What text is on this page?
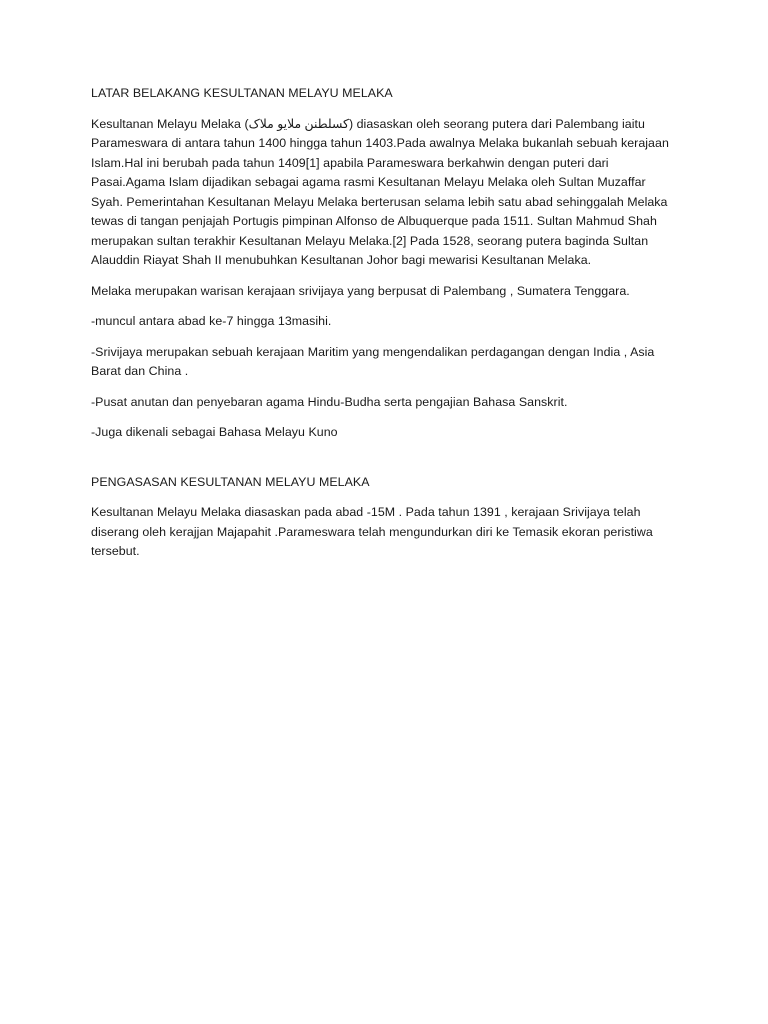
LATAR BELAKANG KESULTANAN MELAYU MELAKA
Kesultanan Melayu Melaka (کسلطنن ملايو ملاک) diasaskan oleh seorang putera dari Palembang iaitu Parameswara di antara tahun 1400 hingga tahun 1403.Pada awalnya Melaka bukanlah sebuah kerajaan Islam.Hal ini berubah pada tahun 1409[1] apabila Parameswara berkahwin dengan puteri dari Pasai.Agama Islam dijadikan sebagai agama rasmi Kesultanan Melayu Melaka oleh Sultan Muzaffar Syah. Pemerintahan Kesultanan Melayu Melaka berterusan selama lebih satu abad sehinggalah Melaka tewas di tangan penjajah Portugis pimpinan Alfonso de Albuquerque pada 1511. Sultan Mahmud Shah merupakan sultan terakhir Kesultanan Melayu Melaka.[2] Pada 1528, seorang putera baginda Sultan Alauddin Riayat Shah II menubuhkan Kesultanan Johor bagi mewarisi Kesultanan Melaka.
Melaka merupakan warisan kerajaan srivijaya yang berpusat di Palembang , Sumatera Tenggara.
-muncul antara abad ke-7 hingga 13masihi.
-Srivijaya merupakan sebuah kerajaan Maritim yang mengendalikan perdagangan dengan India , Asia Barat dan China .
-Pusat anutan dan penyebaran agama Hindu-Budha serta pengajian Bahasa Sanskrit.
-Juga dikenali sebagai Bahasa Melayu Kuno
PENGASASAN KESULTANAN MELAYU MELAKA
Kesultanan Melayu Melaka diasaskan pada abad -15M . Pada tahun 1391 , kerajaan Srivijaya telah diserang oleh kerajjan Majapahit .Parameswara telah mengundurkan diri ke Temasik ekoran peristiwa tersebut.
